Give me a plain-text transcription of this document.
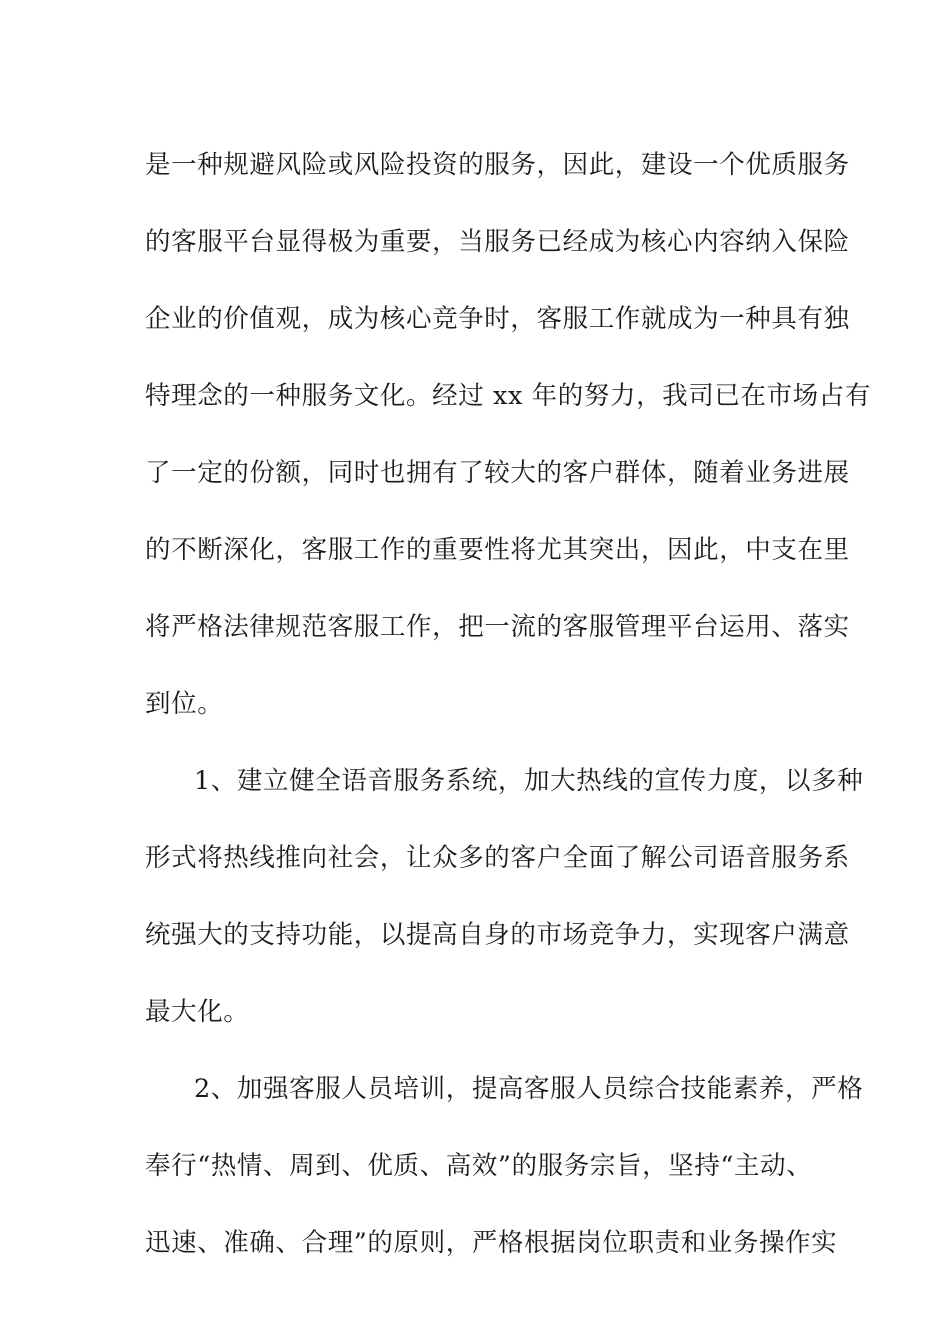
是一种规避风险或风险投资的服务，因此，建设一个优质服务
的客服平台显得极为重要，当服务已经成为核心内容纳入保险
企业的价值观，成为核心竞争时，客服工作就成为一种具有独
特理念的一种服务文化。经过 xx 年的努力，我司已在市场占有
了一定的份额，同时也拥有了较大的客户群体，随着业务进展
的不断深化，客服工作的重要性将尤其突出，因此，中支在里
将严格法律规范客服工作，把一流的客服管理平台运用、落实
到位。
1、建立健全语音服务系统，加大热线的宣传力度，以多种
形式将热线推向社会，让众多的客户全面了解公司语音服务系
统强大的支持功能，以提高自身的市场竞争力，实现客户满意
最大化。
2、加强客服人员培训，提高客服人员综合技能素养，严格
奉行“热情、周到、优质、高效”的服务宗旨，坚持“主动、
迅速、准确、合理”的原则，严格根据岗位职责和业务操作实
